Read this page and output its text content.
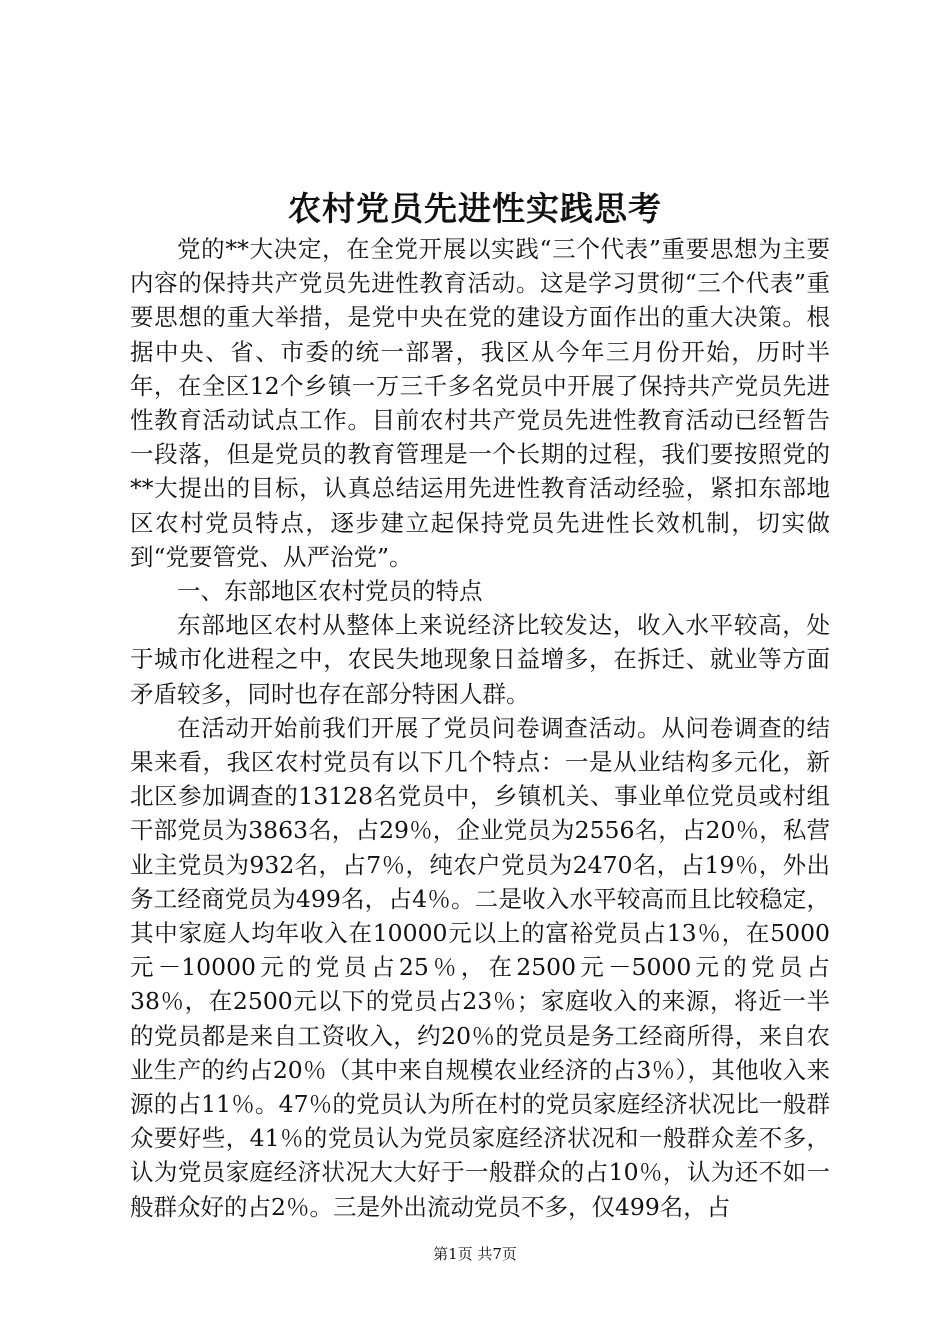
农村党员先进性实践思考

党的**大决定，在全党开展以实践“三个代表”重要思想为主要内容的保持共产党员先进性教育活动。这是学习贯彻“三个代表”重要思想的重大举措，是党中央在党的建设方面作出的重大决策。根据中央、省、市委的统一部署，我区从今年三月份开始，历时半年，在全区12个乡镇一万三千多名党员中开展了保持共产党员先进性教育活动试点工作。目前农村共产党员先进性教育活动已经暂告一段落，但是党员的教育管理是一个长期的过程，我们要按照党的**大提出的目标，认真总结运用先进性教育活动经验，紧扣东部地区农村党员特点，逐步建立起保持党员先进性长效机制，切实做到“党要管党、从严治党”。

一、东部地区农村党员的特点

东部地区农村从整体上来说经济比较发达，收入水平较高，处于城市化进程之中，农民失地现象日益增多，在拆迁、就业等方面矛盾较多，同时也存在部分特困人群。

在活动开始前我们开展了党员问卷调查活动。从问卷调查的结果来看，我区农村党员有以下几个特点：一是从业结构多元化，新北区参加调查的13128名党员中，乡镇机关、事业单位党员或村组干部党员为3863名，占29％，企业党员为2556名，占20％，私营业主党员为932名，占7％，纯农户党员为2470名，占19％，外出务工经商党员为499名，占4％。二是收入水平较高而且比较稳定，其中家庭人均年收入在10000元以上的富裕党员占13％，在5000元－10000元的党员占25％，在2500元－5000元的党员占38％，在2500元以下的党员占23％；家庭收入的来源，将近一半的党员都是来自工资收入，约20％的党员是务工经商所得，来自农业生产的约占20％（其中来自规模农业经济的占3％），其他收入来源的占11％。47％的党员认为所在村的党员家庭经济状况比一般群众要好些，41％的党员认为党员家庭经济状况和一般群众差不多，认为党员家庭经济状况大大好于一般群众的占10％，认为还不如一般群众好的占2％。三是外出流动党员不多，仅499名，占

第1页 共7页
